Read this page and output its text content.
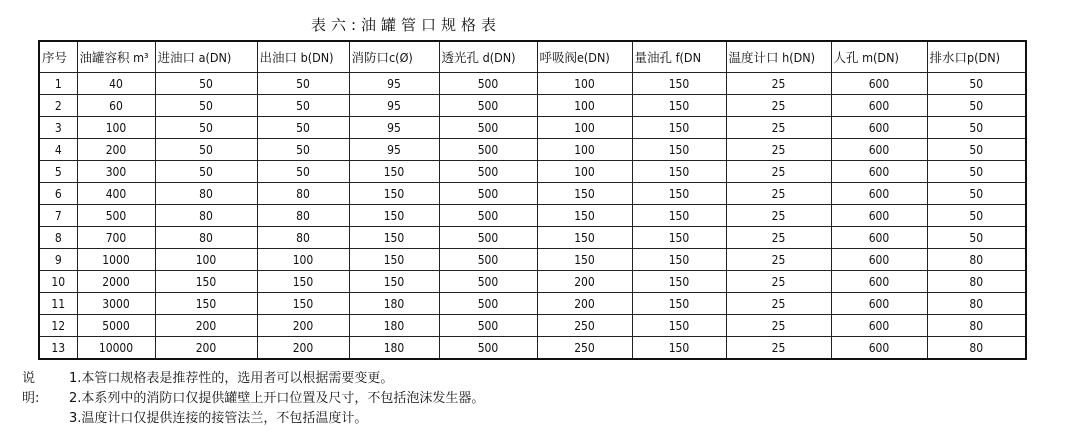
表六:油罐管口规格表
序号	油罐容积 m³	进油口 a(DN)	出油口 b(DN)	消防口c(Ø)	透光孔 d(DN)	呼吸阀e(DN)	量油孔 f(DN	温度计口 h(DN)	人孔 m(DN)	排水口p(DN)
1	40	50	50	95	500	100	150	25	600	50
2	60	50	50	95	500	100	150	25	600	50
3	100	50	50	95	500	100	150	25	600	50
4	200	50	50	95	500	100	150	25	600	50
5	300	50	50	150	500	100	150	25	600	50
6	400	80	80	150	500	150	150	25	600	50
7	500	80	80	150	500	150	150	25	600	50
8	700	80	80	150	500	150	150	25	600	50
9	1000	100	100	150	500	150	150	25	600	80
10	2000	150	150	150	500	200	150	25	600	80
11	3000	150	150	180	500	200	150	25	600	80
12	5000	200	200	180	500	250	150	25	600	80
13	10000	200	200	180	500	250	150	25	600	80
说明:
1.本管口规格表是推荐性的，选用者可以根据需要变更。
2.本系列中的消防口仅提供罐壁上开口位置及尺寸，不包括泡沫发生器。
3.温度计口仅提供连接的接管法兰，不包括温度计。
